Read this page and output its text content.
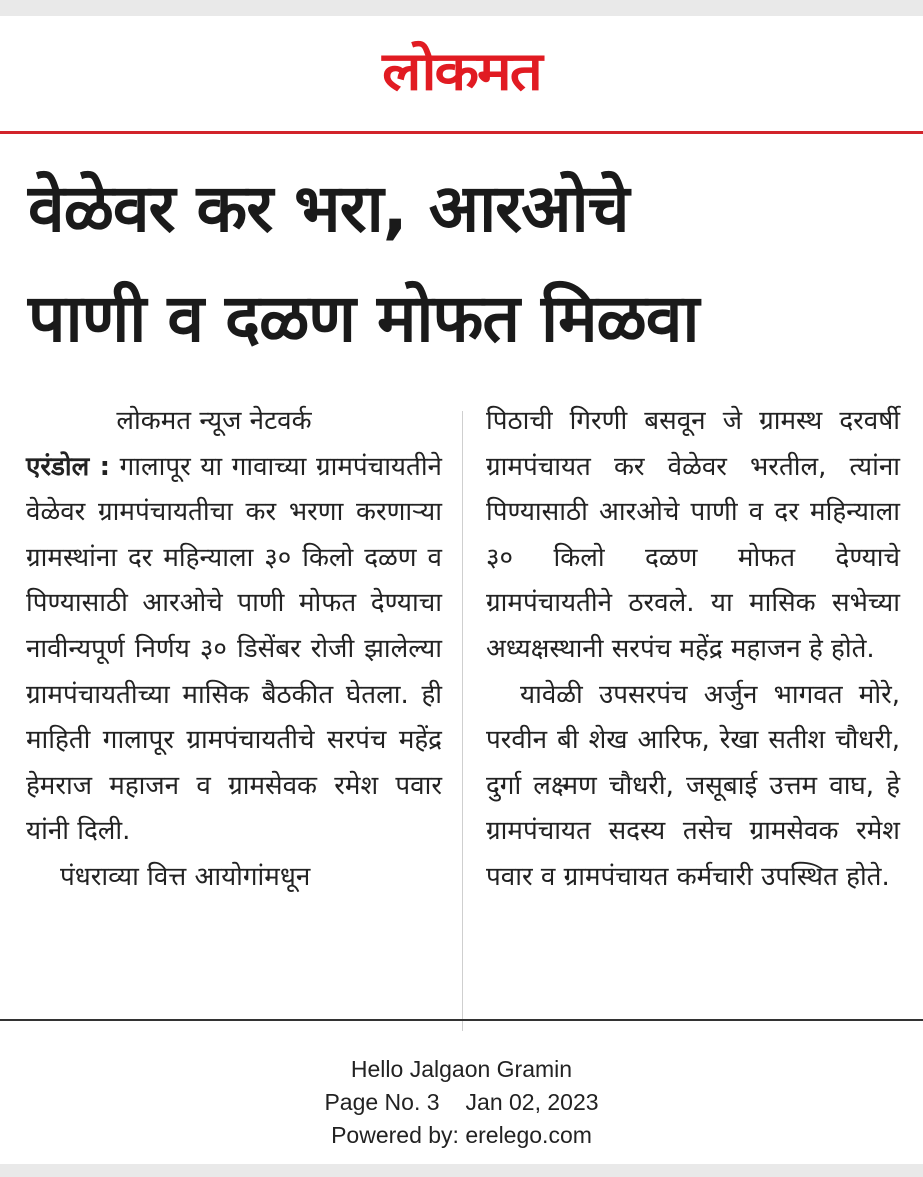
लोकमत
वेळेवर कर भरा, आरओचे
पाणी व दळण मोफत मिळवा

लोकमत न्यूज नेटवर्क

एरंडोल : गालापूर या गावाच्या ग्रामपंचायतीने वेळेवर ग्रामपंचायतीचा कर भरणा करणाऱ्या ग्रामस्थांना दर महिन्याला ३० किलो दळण व पिण्यासाठी आरओचे पाणी मोफत देण्याचा नावीन्यपूर्ण निर्णय ३० डिसेंबर रोजी झालेल्या ग्रामपंचायतीच्या मासिक बैठकीत घेतला. ही माहिती गालापूर ग्रामपंचायतीचे सरपंच महेंद्र हेमराज महाजन व ग्रामसेवक रमेश पवार यांनी दिली.

पंधराव्या वित्त आयोगांमधून

पिठाची गिरणी बसवून जे ग्रामस्थ दरवर्षी ग्रामपंचायत कर वेळेवर भरतील, त्यांना पिण्यासाठी आरओचे पाणी व दर महिन्याला ३० किलो दळण मोफत देण्याचे ग्रामपंचायतीने ठरवले. या मासिक सभेच्या अध्यक्षस्थानी सरपंच महेंद्र महाजन हे होते.

यावेळी उपसरपंच अर्जुन भागवत मोरे, परवीन बी शेख आरिफ, रेखा सतीश चौधरी, दुर्गा लक्ष्मण चौधरी, जसूबाई उत्तम वाघ, हे ग्रामपंचायत सदस्य तसेच ग्रामसेवक रमेश पवार व ग्रामपंचायत कर्मचारी उपस्थित होते.

Hello Jalgaon Gramin
Page No. 3 Jan 02, 2023
Powered by: erelego.com
